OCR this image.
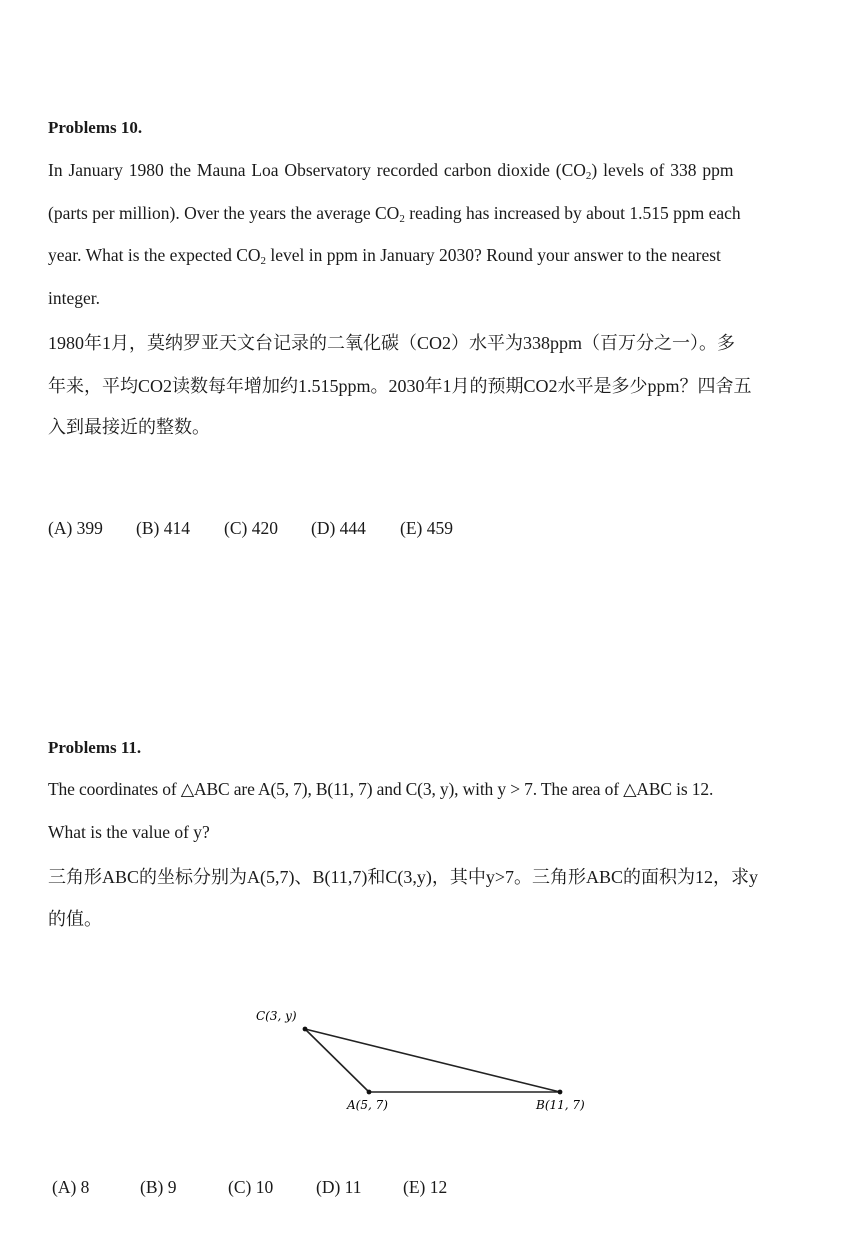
Problems 10.
In January 1980 the Mauna Loa Observatory recorded carbon dioxide $(CO_2)$ levels of 338 ppm
(parts per million). Over the years the average $CO_2$ reading has increased by about 1.515 ppm each
year. What is the expected $CO_2$ level in ppm in January 2030? Round your answer to the nearest
integer.
1980年1月，莫纳罗亚天文台记录的二氧化碳（CO2）水平为338ppm（百万分之一）。多
年来，平均CO2读数每年增加约1.515ppm。2030年1月的预期CO2水平是多少ppm？四舍五
入到最接近的整数。
(A) 399 (B) 414 (C) 420 (D) 444 (E) 459
Problems 11.
The coordinates of △ABC are A(5, 7), B(11, 7) and C(3, y), with y > 7. The area of △ABC is 12.
What is the value of y?
三角形ABC的坐标分别为A(5,7)、B(11,7)和C(3,y)，其中y>7。三角形ABC的面积为12，求y
的值。
C(3, y)
A(5, 7)	B(11, 7)
(A) 8	(B) 9	(C) 10 (D) 11 (E) 12
